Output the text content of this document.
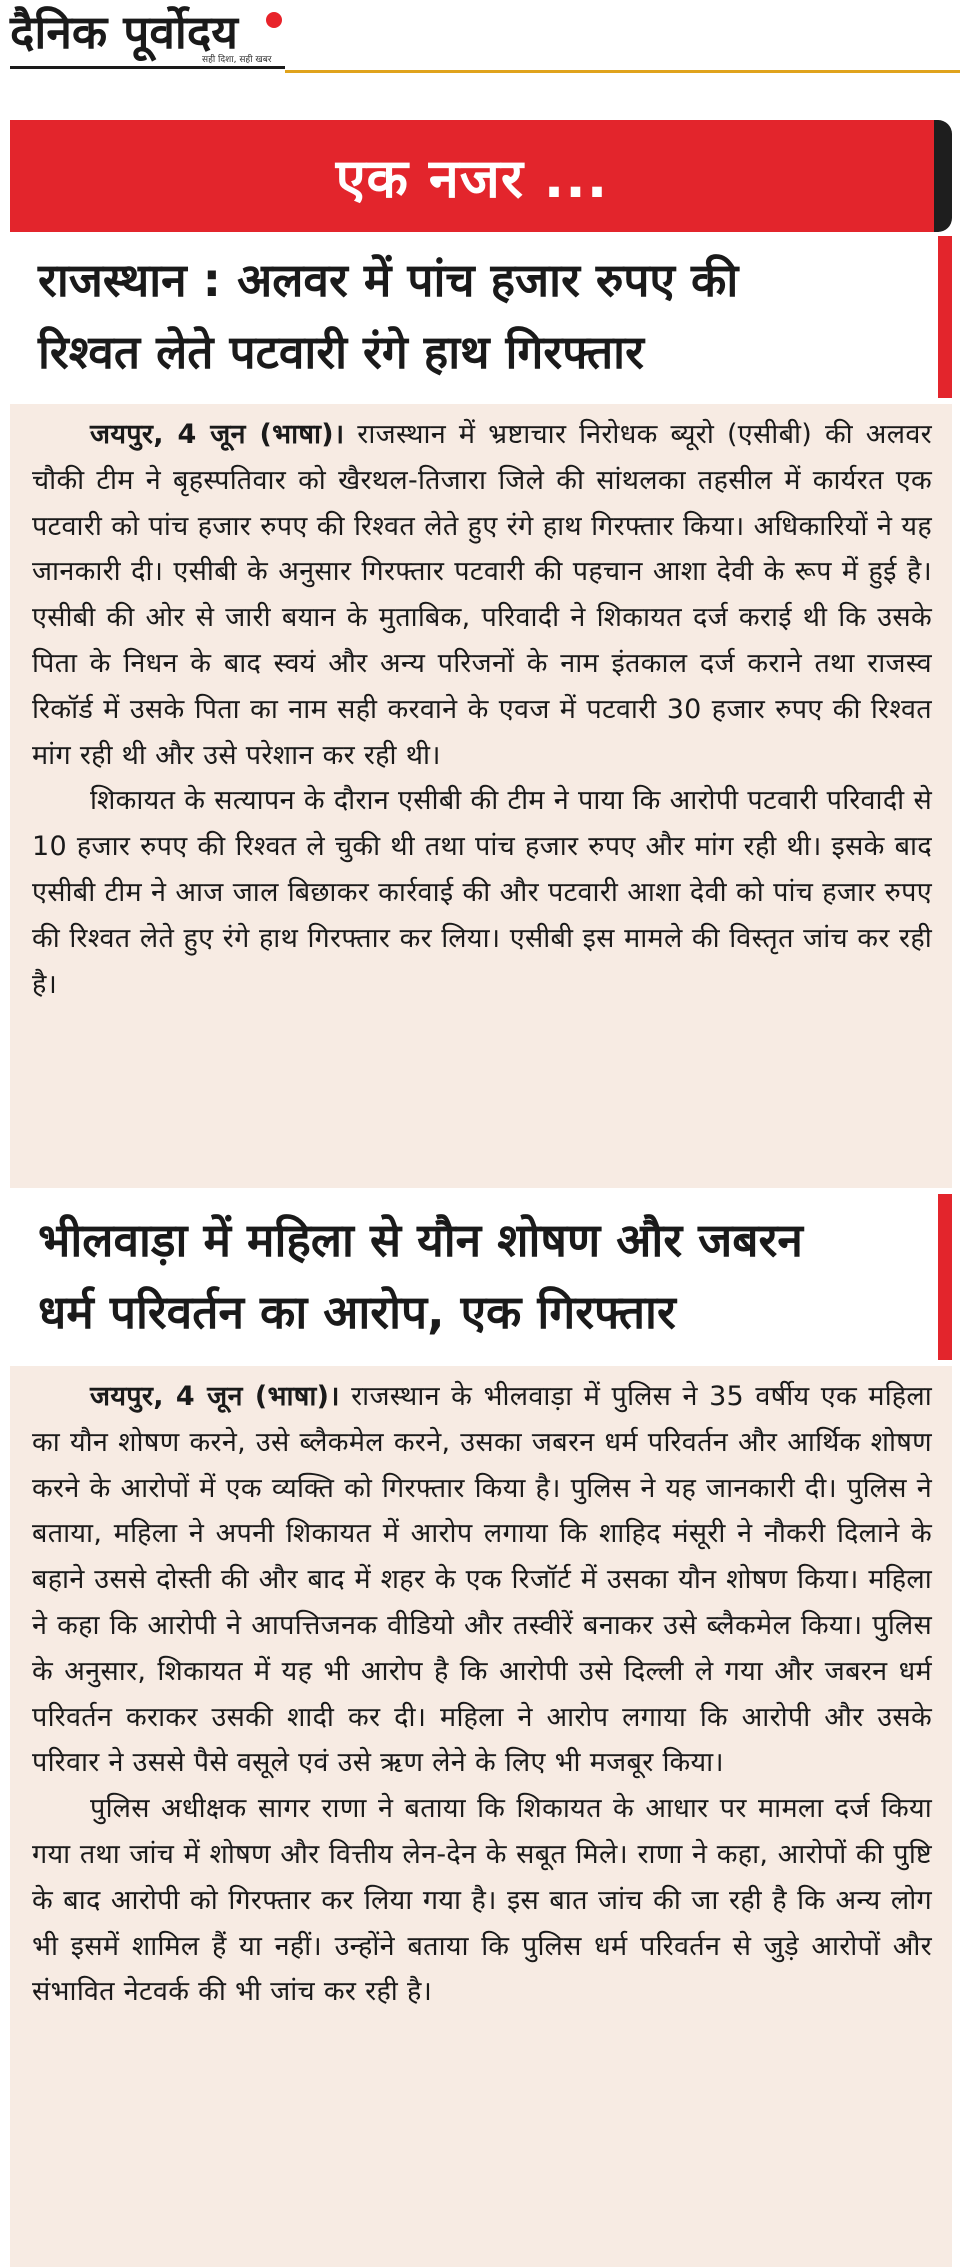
दैनिक पूर्वोदय
सही दिशा, सही खबर
एक नजर ...
राजस्थान : अलवर में पांच हजार रुपए की
रिश्वत लेते पटवारी रंगे हाथ गिरफ्तार

जयपुर, 4 जून (भाषा)। राजस्थान में भ्रष्टाचार निरोधक ब्यूरो (एसीबी) की अलवर चौकी टीम ने बृहस्पतिवार को खैरथल-तिजारा जिले की सांथलका तहसील में कार्यरत एक पटवारी को पांच हजार रुपए की रिश्वत लेते हुए रंगे हाथ गिरफ्तार किया। अधिकारियों ने यह जानकारी दी। एसीबी के अनुसार गिरफ्तार पटवारी की पहचान आशा देवी के रूप में हुई है। एसीबी की ओर से जारी बयान के मुताबिक, परिवादी ने शिकायत दर्ज कराई थी कि उसके पिता के निधन के बाद स्वयं और अन्य परिजनों के नाम इंतकाल दर्ज कराने तथा राजस्व रिकॉर्ड में उसके पिता का नाम सही करवाने के एवज में पटवारी 30 हजार रुपए की रिश्वत मांग रही थी और उसे परेशान कर रही थी।

शिकायत के सत्यापन के दौरान एसीबी की टीम ने पाया कि आरोपी पटवारी परिवादी से 10 हजार रुपए की रिश्वत ले चुकी थी तथा पांच हजार रुपए और मांग रही थी। इसके बाद एसीबी टीम ने आज जाल बिछाकर कार्रवाई की और पटवारी आशा देवी को पांच हजार रुपए की रिश्वत लेते हुए रंगे हाथ गिरफ्तार कर लिया। एसीबी इस मामले की विस्तृत जांच कर रही है।

भीलवाड़ा में महिला से यौन शोषण और जबरन
धर्म परिवर्तन का आरोप, एक गिरफ्तार

जयपुर, 4 जून (भाषा)। राजस्थान के भीलवाड़ा में पुलिस ने 35 वर्षीय एक महिला का यौन शोषण करने, उसे ब्लैकमेल करने, उसका जबरन धर्म परिवर्तन और आर्थिक शोषण करने के आरोपों में एक व्यक्ति को गिरफ्तार किया है। पुलिस ने यह जानकारी दी। पुलिस ने बताया, महिला ने अपनी शिकायत में आरोप लगाया कि शाहिद मंसूरी ने नौकरी दिलाने के बहाने उससे दोस्ती की और बाद में शहर के एक रिजॉर्ट में उसका यौन शोषण किया। महिला ने कहा कि आरोपी ने आपत्तिजनक वीडियो और तस्वीरें बनाकर उसे ब्लैकमेल किया। पुलिस के अनुसार, शिकायत में यह भी आरोप है कि आरोपी उसे दिल्ली ले गया और जबरन धर्म परिवर्तन कराकर उसकी शादी कर दी। महिला ने आरोप लगाया कि आरोपी और उसके परिवार ने उससे पैसे वसूले एवं उसे ऋण लेने के लिए भी मजबूर किया।

पुलिस अधीक्षक सागर राणा ने बताया कि शिकायत के आधार पर मामला दर्ज किया गया तथा जांच में शोषण और वित्तीय लेन-देन के सबूत मिले। राणा ने कहा, आरोपों की पुष्टि के बाद आरोपी को गिरफ्तार कर लिया गया है। इस बात जांच की जा रही है कि अन्य लोग भी इसमें शामिल हैं या नहीं। उन्होंने बताया कि पुलिस धर्म परिवर्तन से जुड़े आरोपों और संभावित नेटवर्क की भी जांच कर रही है।
